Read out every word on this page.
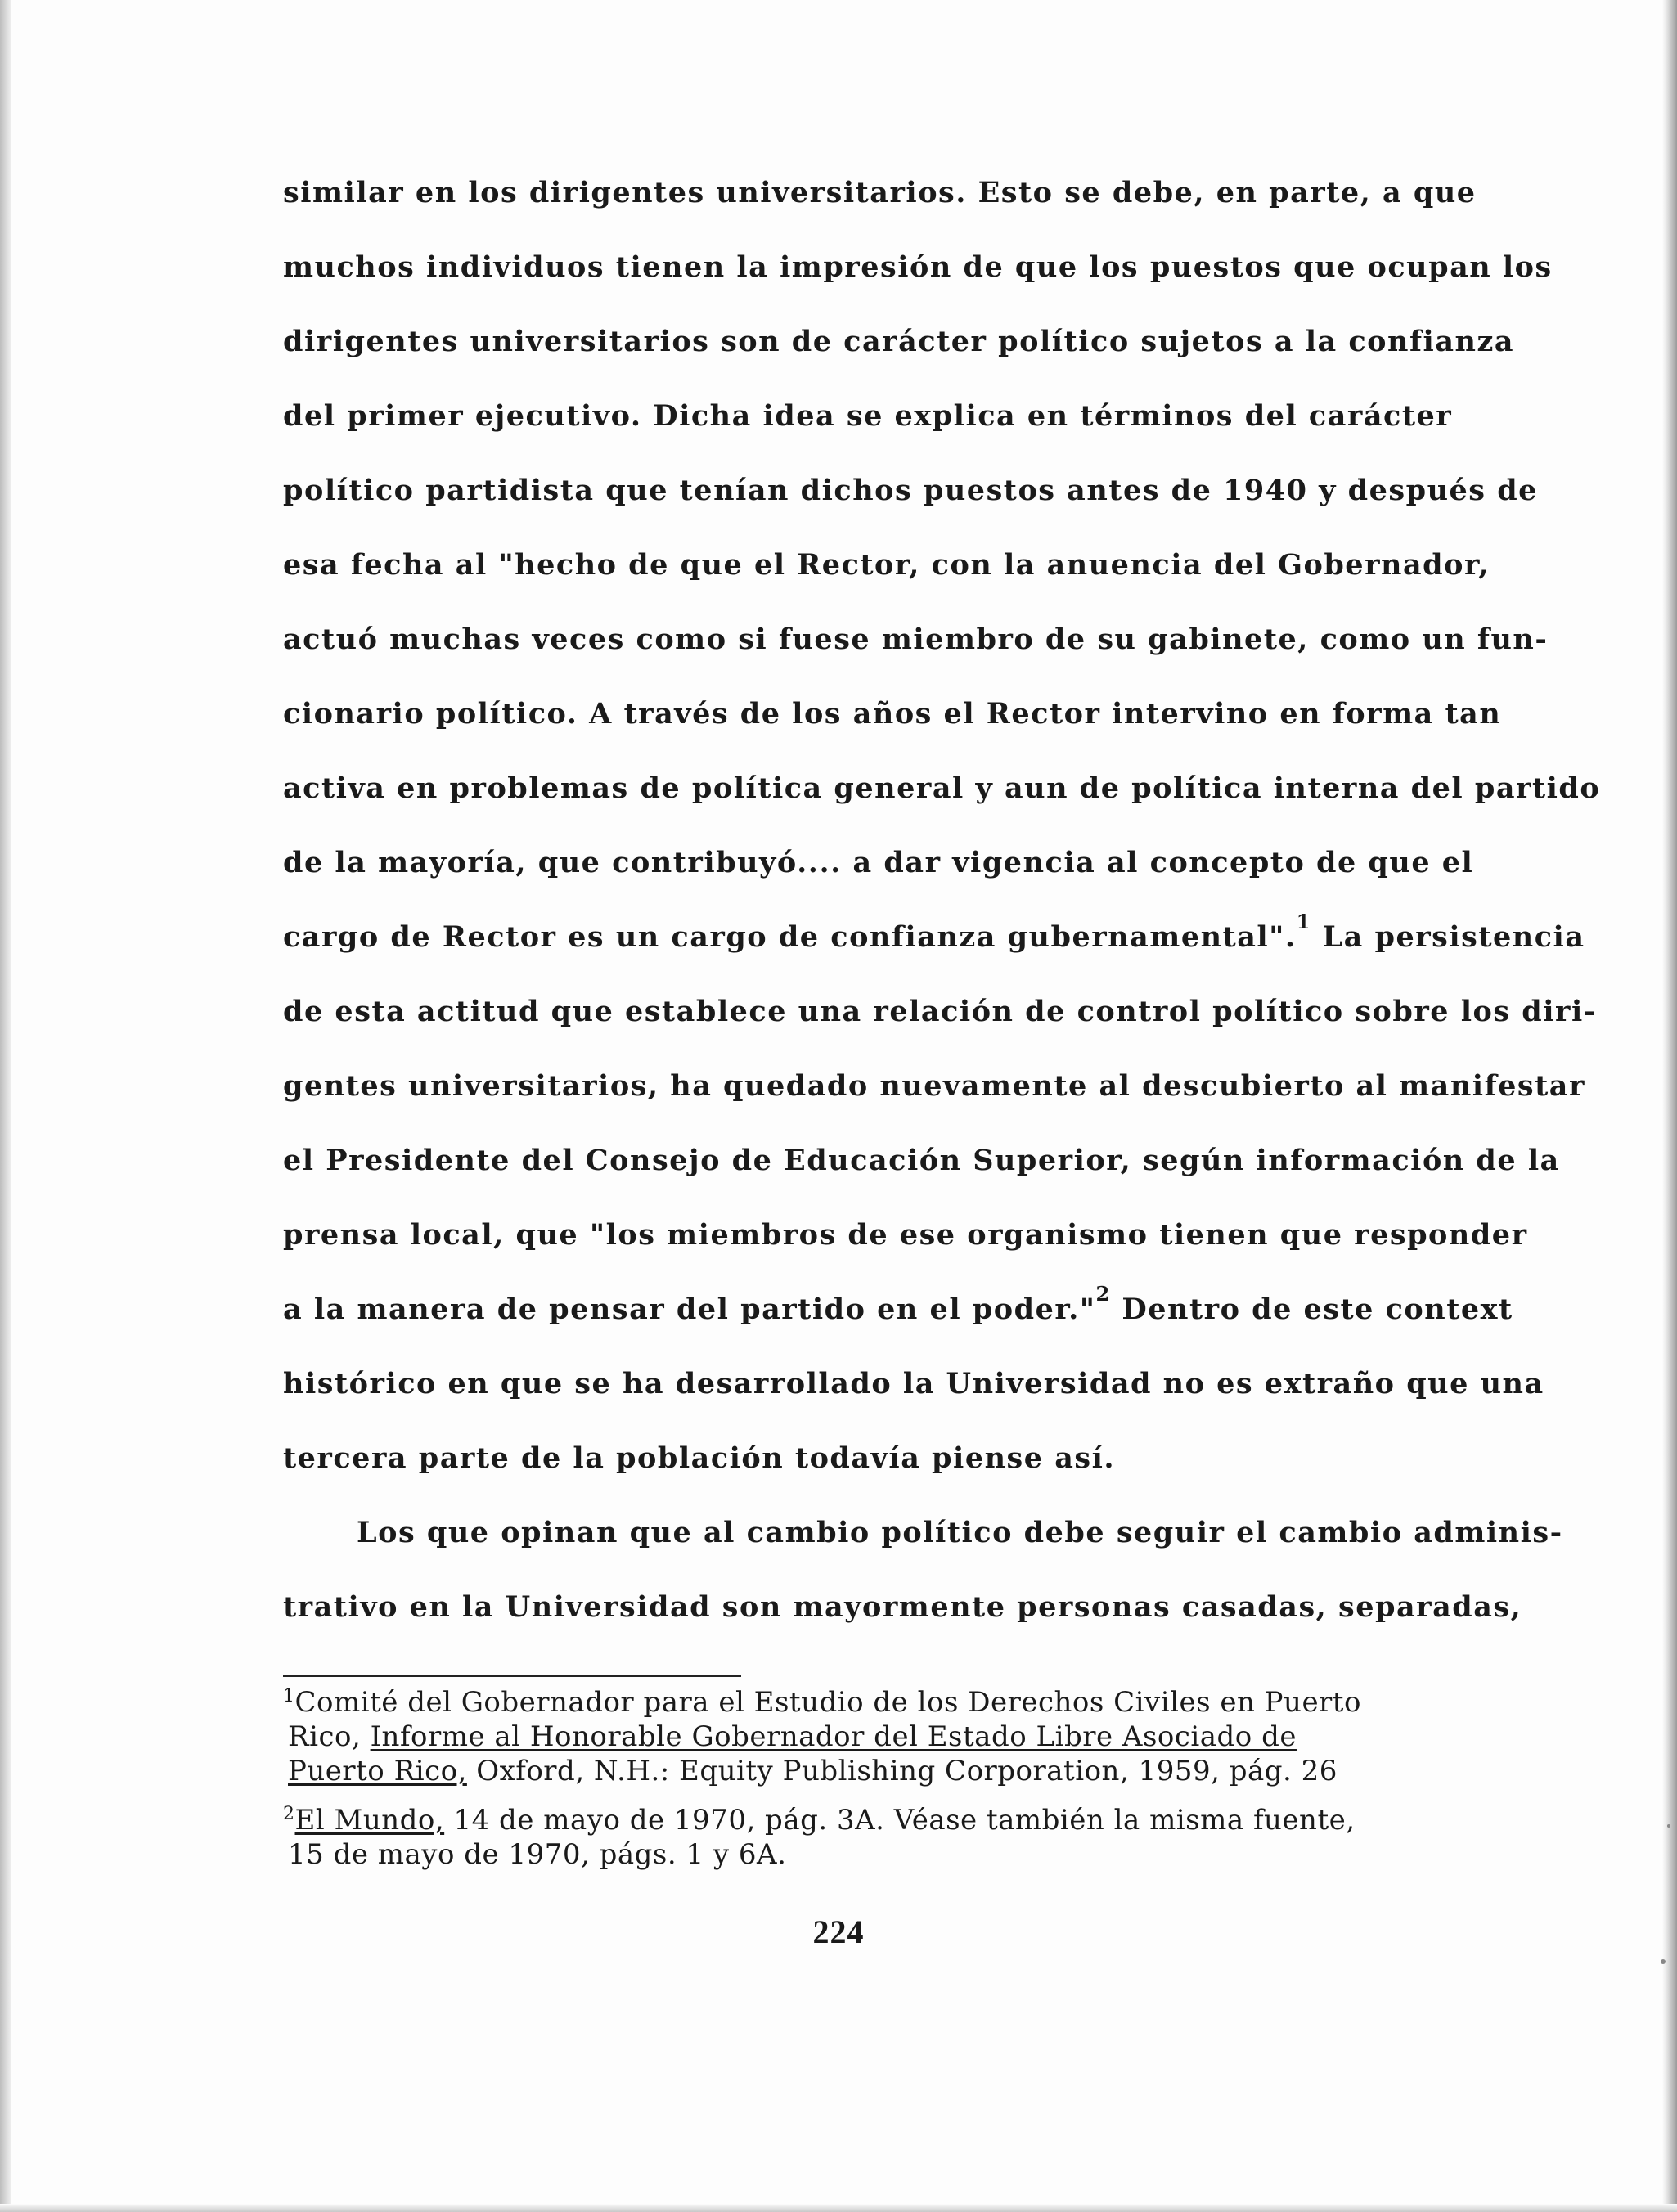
similar en los dirigentes universitarios. Esto se debe, en parte, a que
muchos individuos tienen la impresión de que los puestos que ocupan los
dirigentes universitarios son de carácter político sujetos a la confianza
del primer ejecutivo. Dicha idea se explica en términos del carácter
político partidista que tenían dichos puestos antes de 1940 y después de
esa fecha al "hecho de que el Rector, con la anuencia del Gobernador,
actuó muchas veces como si fuese miembro de su gabinete, como un fun-
cionario político. A través de los años el Rector intervino en forma tan
activa en problemas de política general y aun de política interna del partido
de la mayoría, que contribuyó.... a dar vigencia al concepto de que el
cargo de Rector es un cargo de confianza gubernamental".$^1$ La persistencia
de esta actitud que establece una relación de control político sobre los diri-
gentes universitarios, ha quedado nuevamente al descubierto al manifestar
el Presidente del Consejo de Educación Superior, según información de la
prensa local, que "los miembros de ese organismo tienen que responder
a la manera de pensar del partido en el poder."$^2$ Dentro de este context
histórico en que se ha desarrollado la Universidad no es extraño que una
tercera parte de la población todavía piense así.
Los que opinan que al cambio político debe seguir el cambio adminis-
trativo en la Universidad son mayormente personas casadas, separadas,
$^1$Comité del Gobernador para el Estudio de los Derechos Civiles en Puerto
Rico, Informe al Honorable Gobernador del Estado Libre Asociado de
Puerto Rico, Oxford, N.H.: Equity Publishing Corporation, 1959, pág. 26
$^2$El Mundo, 14 de mayo de 1970, pág. 3A. Véase también la misma fuente,
15 de mayo de 1970, págs. 1 y 6A.
224
